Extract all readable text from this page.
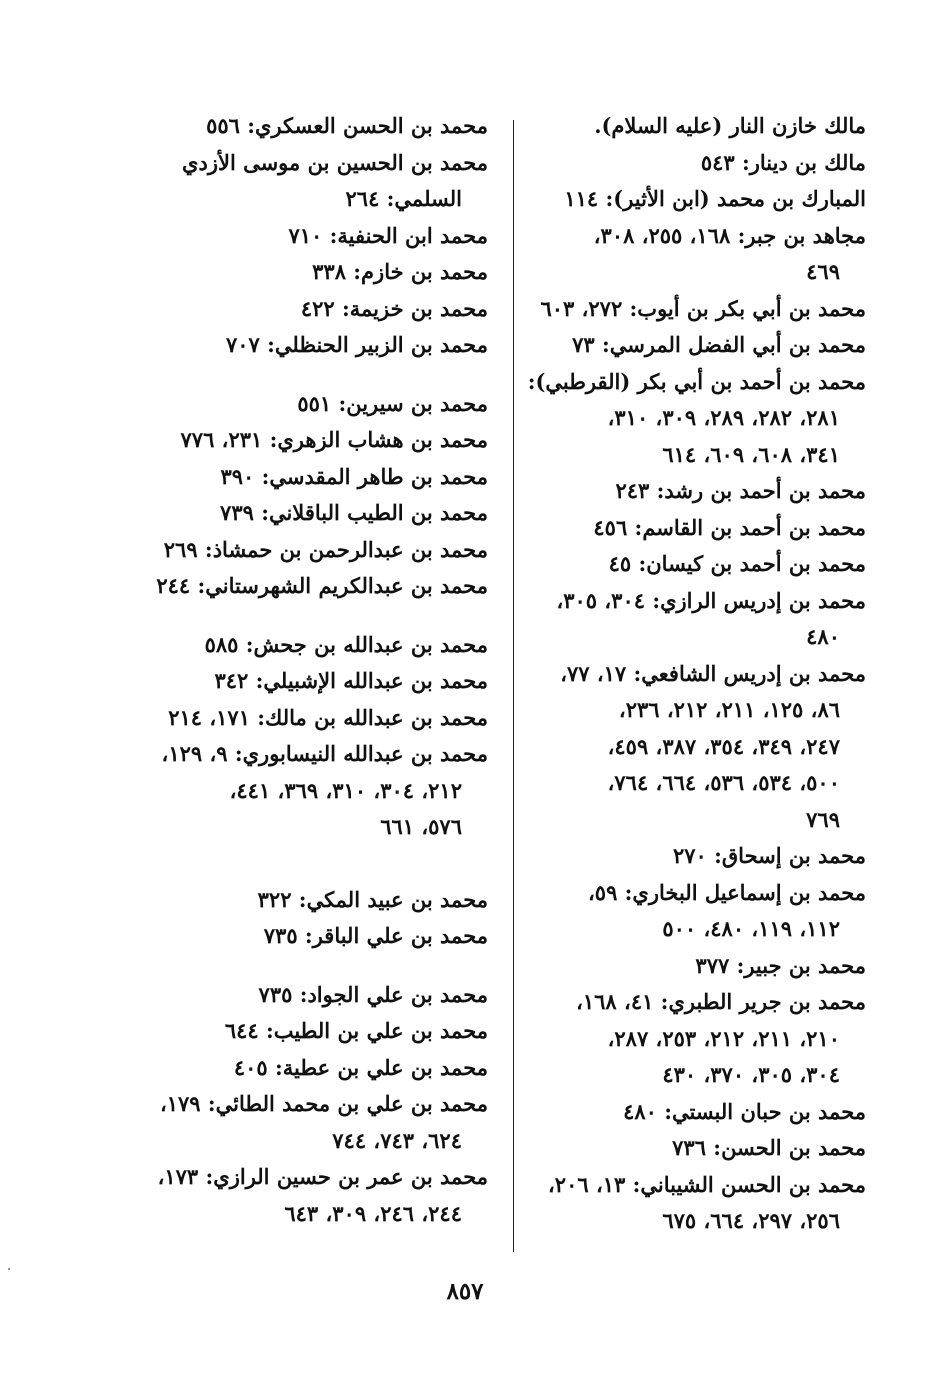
مالك خازن النار (عليه السلام).
مالك بن دينار: ٥٤٣
المبارك بن محمد (ابن الأثير): ١١٤
مجاهد بن جبر: ١٦٨، ٢٥٥، ٣٠٨،
٤٦٩
محمد بن أبي بكر بن أيوب: ٢٧٢، ٦٠٣
محمد بن أبي الفضل المرسي: ٧٣
محمد بن أحمد بن أبي بكر (القرطبي):
٢٨١، ٢٨٢، ٢٨٩، ٣٠٩، ٣١٠،
٣٤١، ٦٠٨، ٦٠٩، ٦١٤
محمد بن أحمد بن رشد: ٢٤٣
محمد بن أحمد بن القاسم: ٤٥٦
محمد بن أحمد بن كيسان: ٤٥
محمد بن إدريس الرازي: ٣٠٤، ٣٠٥،
٤٨٠
محمد بن إدريس الشافعي: ١٧، ٧٧،
٨٦، ١٢٥، ٢١١، ٢١٢، ٢٣٦،
٢٤٧، ٣٤٩، ٣٥٤، ٣٨٧، ٤٥٩،
٥٠٠، ٥٣٤، ٥٣٦، ٦٦٤، ٧٦٤،
٧٦٩
محمد بن إسحاق: ٢٧٠
محمد بن إسماعيل البخاري: ٥٩،
١١٢، ١١٩، ٤٨٠، ٥٠٠
محمد بن جبير: ٣٧٧
محمد بن جرير الطبري: ٤١، ١٦٨،
٢١٠، ٢١١، ٢١٢، ٢٥٣، ٢٨٧،
٣٠٤، ٣٠٥، ٣٧٠، ٤٣٠
محمد بن حبان البستي: ٤٨٠
محمد بن الحسن: ٧٣٦
محمد بن الحسن الشيباني: ١٣، ٢٠٦،
٢٥٦، ٢٩٧، ٦٦٤، ٦٧٥
محمد بن الحسن العسكري: ٥٥٦
محمد بن الحسين بن موسى الأزدي
السلمي: ٢٦٤
محمد ابن الحنفية: ٧١٠
محمد بن خازم: ٣٣٨
محمد بن خزيمة: ٤٢٢
محمد بن الزبير الحنظلي: ٧٠٧
محمد بن سيرين: ٥٥١
محمد بن هشاب الزهري: ٢٣١، ٧٧٦
محمد بن طاهر المقدسي: ٣٩٠
محمد بن الطيب الباقلاني: ٧٣٩
محمد بن عبدالرحمن بن حمشاذ: ٢٦٩
محمد بن عبدالكريم الشهرستاني: ٢٤٤
محمد بن عبدالله بن جحش: ٥٨٥
محمد بن عبدالله الإشبيلي: ٣٤٢
محمد بن عبدالله بن مالك: ١٧١، ٢١٤
محمد بن عبدالله النيسابوري: ٩، ١٢٩،
٢١٢، ٣٠٤، ٣١٠، ٣٦٩، ٤٤١،
٥٧٦، ٦٦١
محمد بن عبيد المكي: ٣٢٢
محمد بن علي الباقر: ٧٣٥
محمد بن علي الجواد: ٧٣٥
محمد بن علي بن الطيب: ٦٤٤
محمد بن علي بن عطية: ٤٠٥
محمد بن علي بن محمد الطائي: ١٧٩،
٦٢٤، ٧٤٣، ٧٤٤
محمد بن عمر بن حسين الرازي: ١٧٣،
٢٤٤، ٢٤٦، ٣٠٩، ٦٤٣
٨٥٧
